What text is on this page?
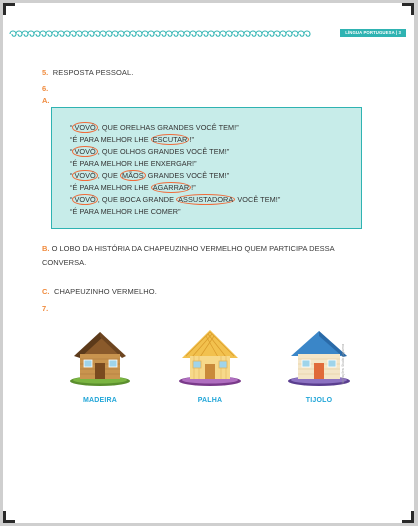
LÍNGUA PORTUGUESA | 3
5. RESPOSTA PESSOAL.
6.
A.
“ VOVÓ , QUE ORELHAS GRANDES VOCÊ TEM!”
“É PARA MELHOR LHE ESCUTAR !”
“ VOVÓ , QUE OLHOS GRANDES VOCÊ TEM!”
“É PARA MELHOR LHE ENXERGAR!”
“ VOVÓ , QUE MÃOS GRANDES VOCÊ TEM!”
“É PARA MELHOR LHE AGARRAR !”
“ VOVÓ , QUE BOCA GRANDE ASSUSTADORA VOCÊ TEM!”
“É PARA MELHOR LHE COMER”
B. O LOBO DA HISTÓRIA DA CHAPEUZINHO VERMELHO QUEM PARTICIPA DESSA CONVERSA.
C. CHAPEUZINHO VERMELHO.
7.
Ilustrações: Studio Caparroz
MADEIRA	PALHA	TIJOLO
